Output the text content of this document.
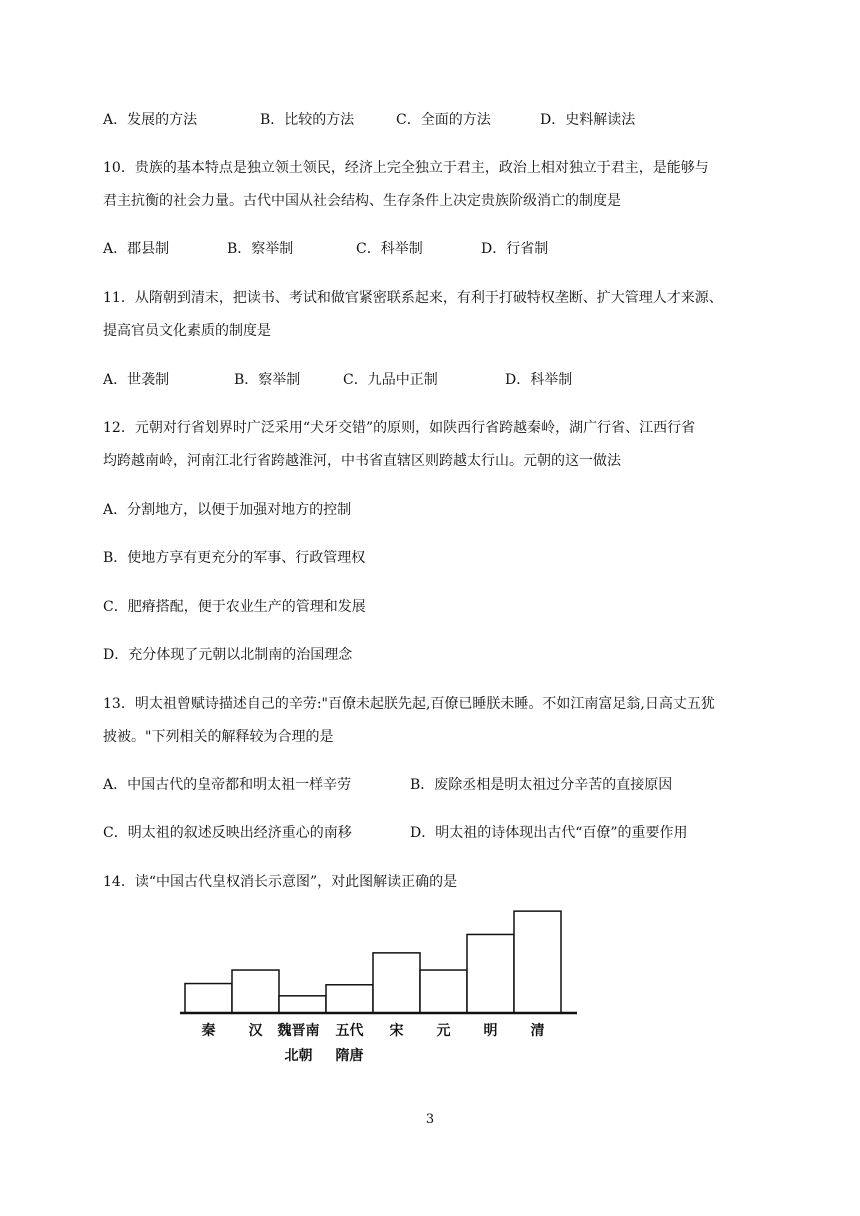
A．发展的方法	B．比较的方法	C．全面的方法	D．史料解读法
10．贵族的基本特点是独立领土领民，经济上完全独立于君主，政治上相对独立于君主，是能够与
君主抗衡的社会力量。古代中国从社会结构、生存条件上决定贵族阶级消亡的制度是
A．郡县制	B．察举制	C．科举制	D．行省制
11．从隋朝到清末，把读书、考试和做官紧密联系起来，有利于打破特权垄断、扩大管理人才来源、
提高官员文化素质的制度是
A．世袭制	B．察举制	C．九品中正制	D．科举制
12．元朝对行省划界时广泛采用“犬牙交错”的原则，如陕西行省跨越秦岭，湖广行省、江西行省
均跨越南岭，河南江北行省跨越淮河，中书省直辖区则跨越太行山。元朝的这一做法
A．分割地方，以便于加强对地方的控制
B．使地方享有更充分的军事、行政管理权
C．肥瘠搭配，便于农业生产的管理和发展
D．充分体现了元朝以北制南的治国理念
13．明太祖曾赋诗描述自己的辛劳:"百僚未起朕先起,百僚已睡朕未睡。不如江南富足翁,日高丈五犹
披被。"下列相关的解释较为合理的是
A．中国古代的皇帝都和明太祖一样辛劳	B．废除丞相是明太祖过分辛苦的直接原因
C．明太祖的叙述反映出经济重心的南移	D．明太祖的诗体现出古代“百僚”的重要作用
14．读“中国古代皇权消长示意图”，对此图解读正确的是
秦 汉 魏晋南
北朝
五代
隋唐
宋 元 明 清
3
